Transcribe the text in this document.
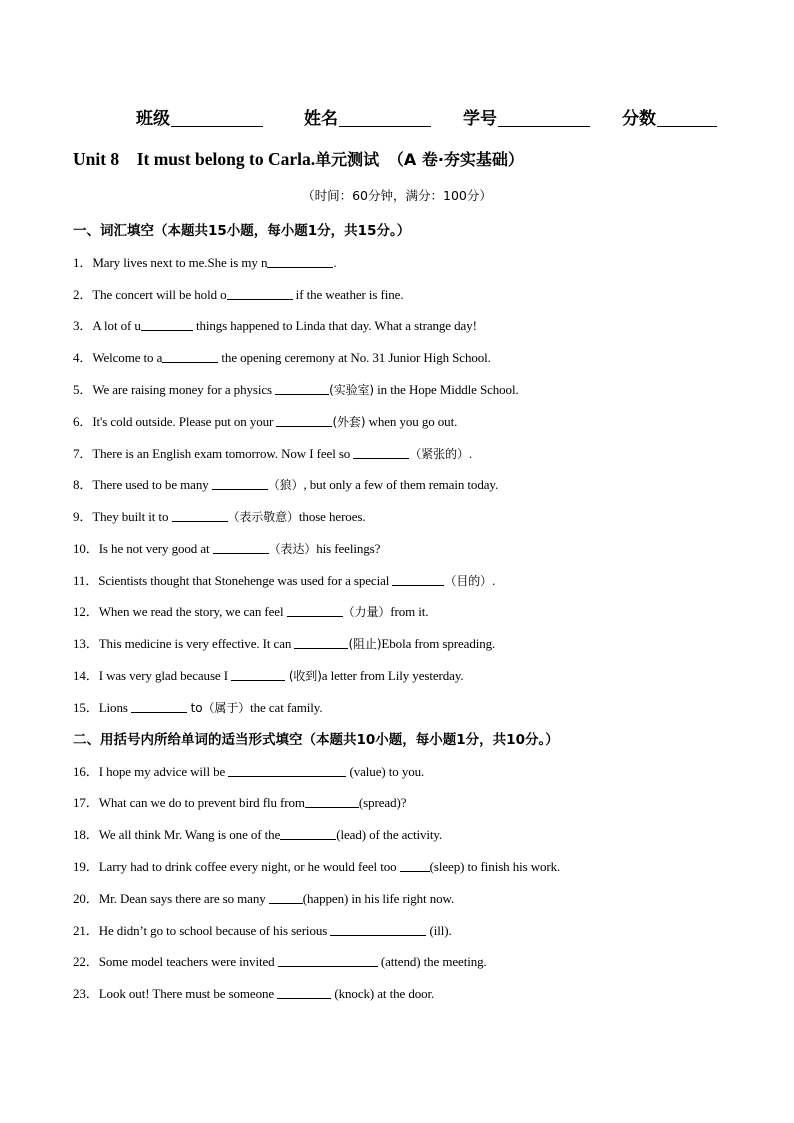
班级	姓名	学号	分数
Unit 8 It must belong to Carla.单元测试 （A 卷·夯实基础）
（时间：60分钟，满分：100分）
一、词汇填空（本题共15小题，每小题1分，共15分。）
1．Mary lives next to me.She is my n	.
2．The concert will be hold o	if the weather is fine.
3．A lot of u	things happened to Linda that day. What a strange day!
4．Welcome to a	the opening ceremony at No. 31 Junior High School.
5．We are raising money for a physics	(实验室) in the Hope Middle School.
6．It's cold outside. Please put on your	(外套) when you go out.
7．There is an English exam tomorrow. Now I feel so	（紧张的）.
8．There used to be many	（狼）, but only a few of them remain today.
9．They built it to	（表示敬意）those heroes.
10．Is he not very good at	（表达）his feelings?
11．Scientists thought that Stonehenge was used for a special	（目的）.
12．When we read the story, we can feel	（力量）from it.
13．This medicine is very effective. It can	(阻止)Ebola from spreading.
14．I was very glad because I	(收到)a letter from Lily yesterday.
15．Lions	to（属于）the cat family.
16．I hope my advice will be	(value) to you.
17．What can we do to prevent bird flu from	(spread)?
18．We all think Mr. Wang is one of the	(lead) of the activity.
19．Larry had to drink coffee every night, or he would feel too (sleep) to finish his work.
20．Mr. Dean says there are so many	(happen) in his life right now.
21．He didn’t go to school because of his serious	(ill).
22．Some model teachers were invited	(attend) the meeting.
23．Look out! There must be someone	(knock) at the door.
二、用括号内所给单词的适当形式填空（本题共10小题，每小题1分，共10分。）
